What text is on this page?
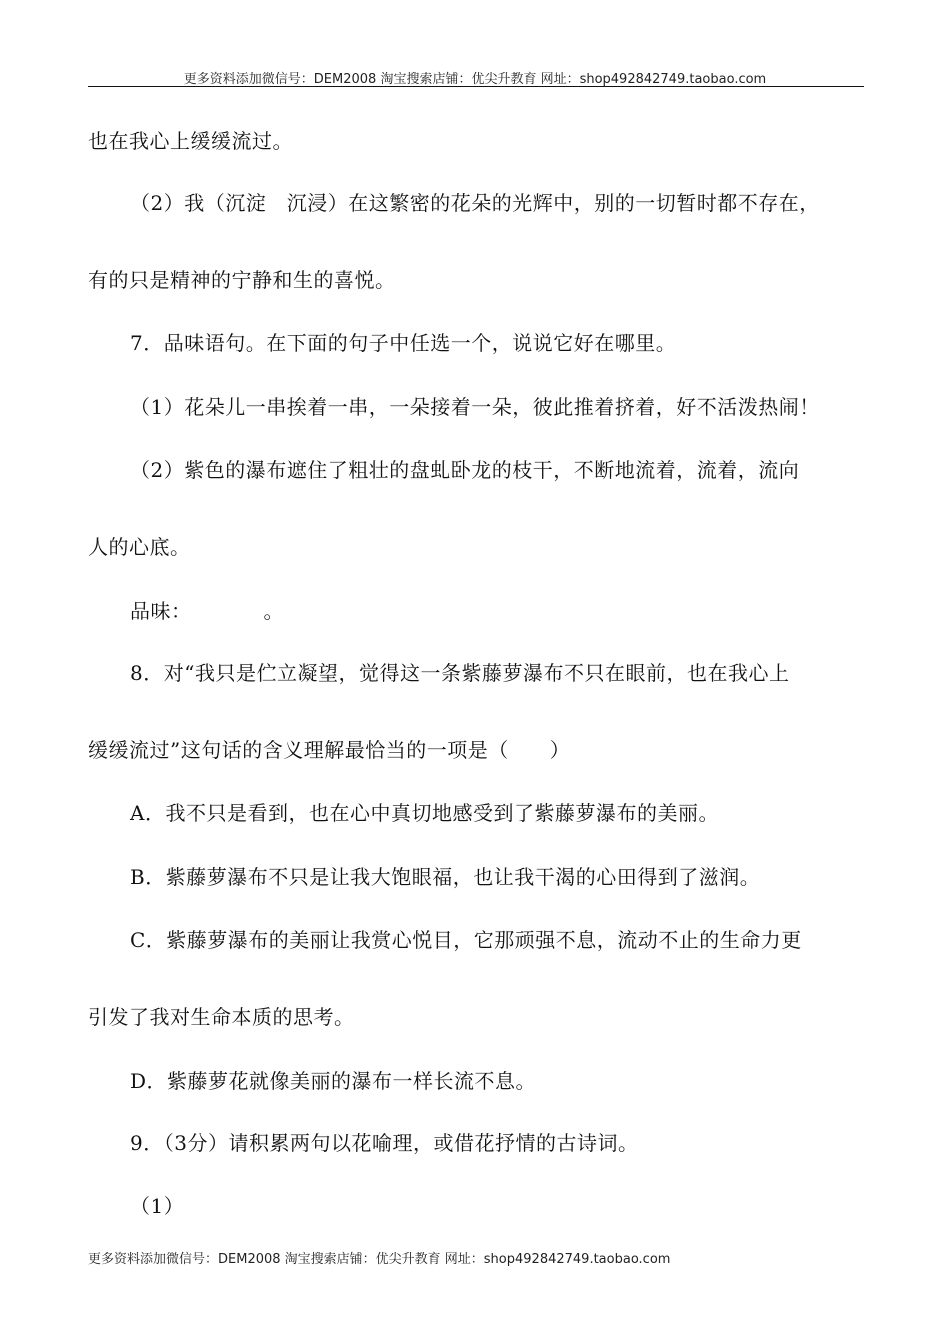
更多资料添加微信号：DEM2008 淘宝搜索店铺：优尖升教育 网址：shop492842749.taobao.com
也在我心上缓缓流过。
（2）我（沉淀　沉浸）在这繁密的花朵的光辉中，别的一切暂时都不存在，
有的只是精神的宁静和生的喜悦。
7．品味语句。在下面的句子中任选一个，说说它好在哪里。
（1）花朵儿一串挨着一串，一朵接着一朵，彼此推着挤着，好不活泼热闹！
（2）紫色的瀑布遮住了粗壮的盘虬卧龙的枝干，不断地流着，流着，流向
人的心底。
品味：　　　　。
8．对“我只是伫立凝望，觉得这一条紫藤萝瀑布不只在眼前，也在我心上
缓缓流过”这句话的含义理解最恰当的一项是（　　）
A．我不只是看到，也在心中真切地感受到了紫藤萝瀑布的美丽。
B．紫藤萝瀑布不只是让我大饱眼福，也让我干渴的心田得到了滋润。
C．紫藤萝瀑布的美丽让我赏心悦目，它那顽强不息，流动不止的生命力更
引发了我对生命本质的思考。
D．紫藤萝花就像美丽的瀑布一样长流不息。
9．（3分）请积累两句以花喻理，或借花抒情的古诗词。
（1）
更多资料添加微信号：DEM2008 淘宝搜索店铺：优尖升教育 网址：shop492842749.taobao.com
